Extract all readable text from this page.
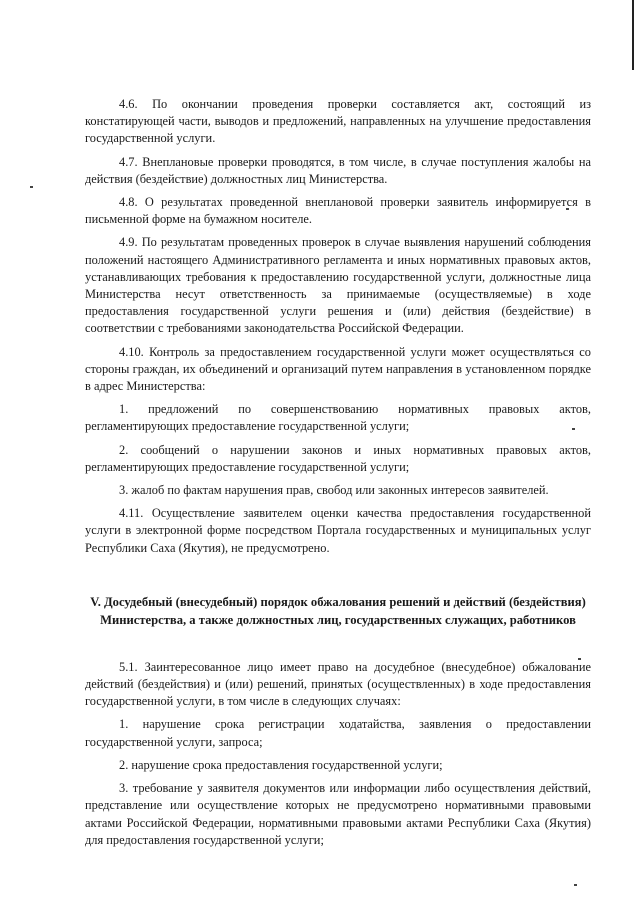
4.6. По окончании проведения проверки составляется акт, состоящий из констатирующей части, выводов и предложений, направленных на улучшение предоставления государственной услуги.

4.7. Внеплановые проверки проводятся, в том числе, в случае поступления жалобы на действия (бездействие) должностных лиц Министерства.

4.8. О результатах проведенной внеплановой проверки заявитель информируется в письменной форме на бумажном носителе.

4.9. По результатам проведенных проверок в случае выявления нарушений соблюдения положений настоящего Административного регламента и иных нормативных правовых актов, устанавливающих требования к предоставлению государственной услуги, должностные лица Министерства несут ответственность за принимаемые (осуществляемые) в ходе предоставления государственной услуги решения и (или) действия (бездействие) в соответствии с требованиями законодательства Российской Федерации.

4.10. Контроль за предоставлением государственной услуги может осуществляться со стороны граждан, их объединений и организаций путем направления в установленном порядке в адрес Министерства:

1. предложений по совершенствованию нормативных правовых актов, регламентирующих предоставление государственной услуги;

2. сообщений о нарушении законов и иных нормативных правовых актов, регламентирующих предоставление государственной услуги;

3. жалоб по фактам нарушения прав, свобод или законных интересов заявителей.

4.11. Осуществление заявителем оценки качества предоставления государственной услуги в электронной форме посредством Портала государственных и муниципальных услуг Республики Саха (Якутия), не предусмотрено.

V. Досудебный (внесудебный) порядок обжалования решений и действий (бездействия) Министерства, а также должностных лиц, государственных служащих, работников

5.1. Заинтересованное лицо имеет право на досудебное (внесудебное) обжалование действий (бездействия) и (или) решений, принятых (осуществленных) в ходе предоставления государственной услуги, в том числе в следующих случаях:

1. нарушение срока регистрации ходатайства, заявления о предоставлении государственной услуги, запроса;

2. нарушение срока предоставления государственной услуги;

3. требование у заявителя документов или информации либо осуществления действий, представление или осуществление которых не предусмотрено нормативными правовыми актами Российской Федерации, нормативными правовыми актами Республики Саха (Якутия) для предоставления государственной услуги;
